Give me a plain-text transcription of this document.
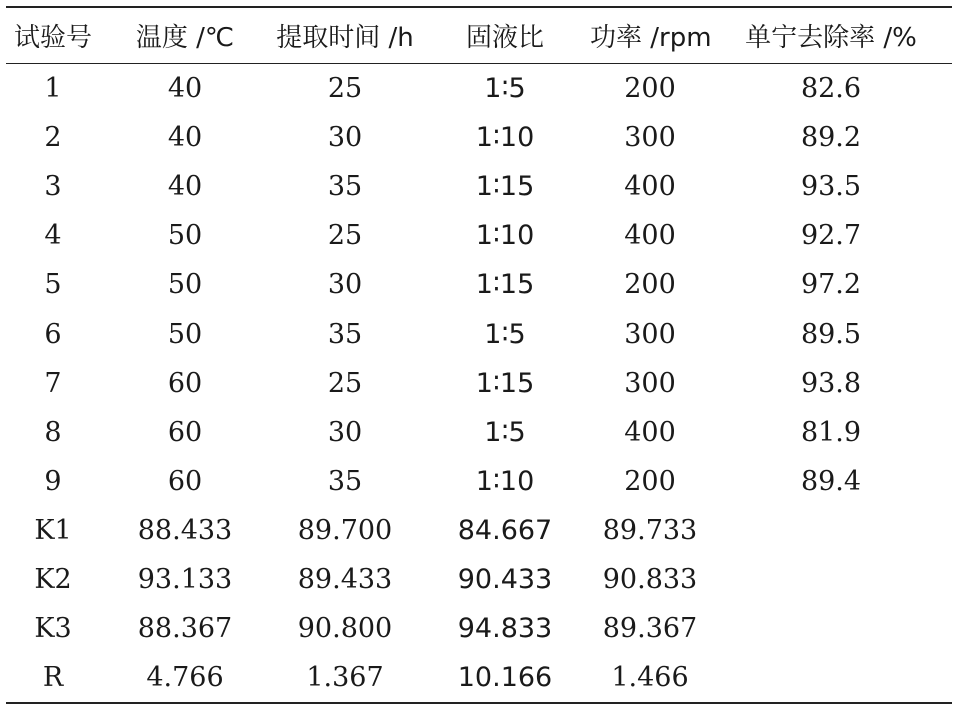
试验号	温度 /℃	提取时间 /h	固液比	功率 /rpm	单宁去除率 /%
1	40	25	1∶5	200	82.6
2	40	30	1∶10	300	89.2
3	40	35	1∶15	400	93.5
4	50	25	1∶10	400	92.7
5	50	30	1∶15	200	97.2
6	50	35	1∶5	300	89.5
7	60	25	1∶15	300	93.8
8	60	30	1∶5	400	81.9
9	60	35	1∶10	200	89.4
K1	88.433	89.700	84.667	89.733	
K2	93.133	89.433	90.433	90.833	
K3	88.367	90.800	94.833	89.367	
R	4.766	1.367	10.166	1.466	
